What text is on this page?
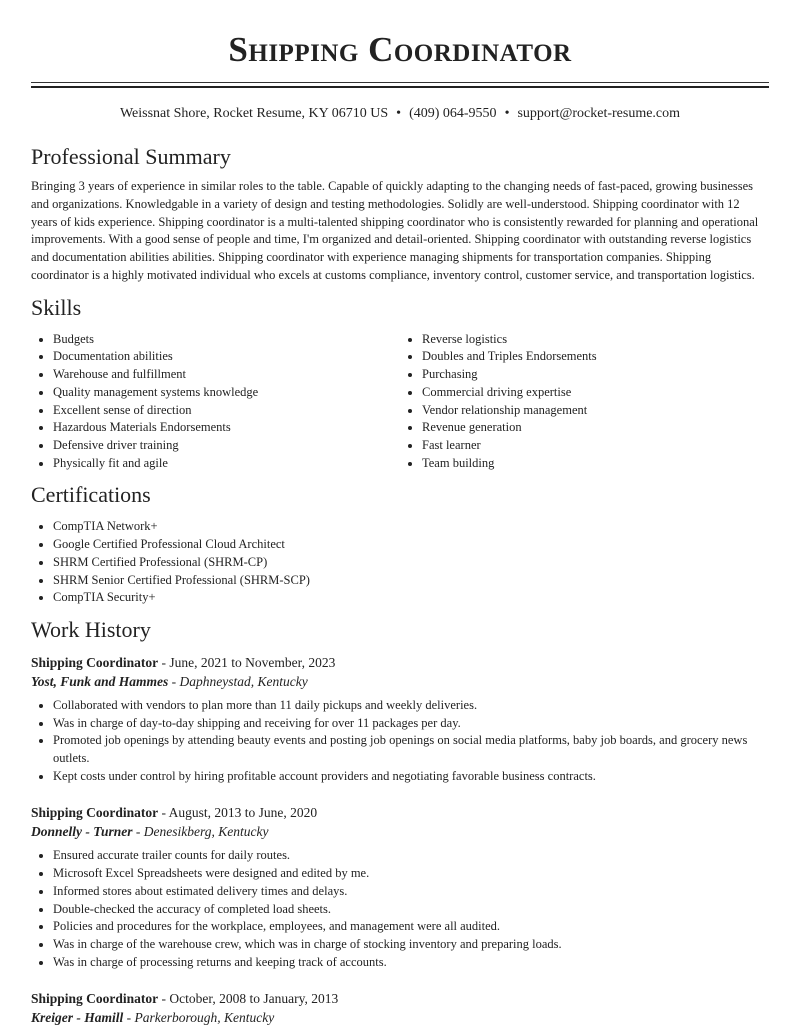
Shipping Coordinator
Weissnat Shore, Rocket Resume, KY 06710 US • (409) 064-9550 • support@rocket-resume.com
Professional Summary

Bringing 3 years of experience in similar roles to the table. Capable of quickly adapting to the changing needs of fast-paced, growing businesses and organizations. Knowledgable in a variety of design and testing methodologies. Solidly are well-understood. Shipping coordinator with 12 years of kids experience. Shipping coordinator is a multi-talented shipping coordinator who is consistently rewarded for planning and operational improvements. With a good sense of people and time, I'm organized and detail-oriented. Shipping coordinator with outstanding reverse logistics and documentation abilities abilities. Shipping coordinator with experience managing shipments for transportation companies. Shipping coordinator is a highly motivated individual who excels at customs compliance, inventory control, customer service, and transportation logistics.

Skills
• Budgets
• Documentation abilities
• Warehouse and fulfillment
• Quality management systems knowledge
• Excellent sense of direction
• Hazardous Materials Endorsements
• Defensive driver training
• Physically fit and agile
• Reverse logistics
• Doubles and Triples Endorsements
• Purchasing
• Commercial driving expertise
• Vendor relationship management
• Revenue generation
• Fast learner
• Team building
Certifications
• CompTIA Network+
• Google Certified Professional Cloud Architect
• SHRM Certified Professional (SHRM-CP)
• SHRM Senior Certified Professional (SHRM-SCP)
• CompTIA Security+
Work History

Shipping Coordinator - June, 2021 to November, 2023

Yost, Funk and Hammes - Daphneystad, Kentucky

• Collaborated with vendors to plan more than 11 daily pickups and weekly deliveries.
• Was in charge of day-to-day shipping and receiving for over 11 packages per day.
• Promoted job openings by attending beauty events and posting job openings on social media platforms, baby job boards, and grocery news outlets.
• Kept costs under control by hiring profitable account providers and negotiating favorable business contracts.

Shipping Coordinator - August, 2013 to June, 2020

Donnelly - Turner - Denesikberg, Kentucky

• Ensured accurate trailer counts for daily routes.
• Microsoft Excel Spreadsheets were designed and edited by me.
• Informed stores about estimated delivery times and delays.
• Double-checked the accuracy of completed load sheets.
• Policies and procedures for the workplace, employees, and management were all audited.
• Was in charge of the warehouse crew, which was in charge of stocking inventory and preparing loads.
• Was in charge of processing returns and keeping track of accounts.

Shipping Coordinator - October, 2008 to January, 2013

Kreiger - Hamill - Parkerborough, Kentucky
